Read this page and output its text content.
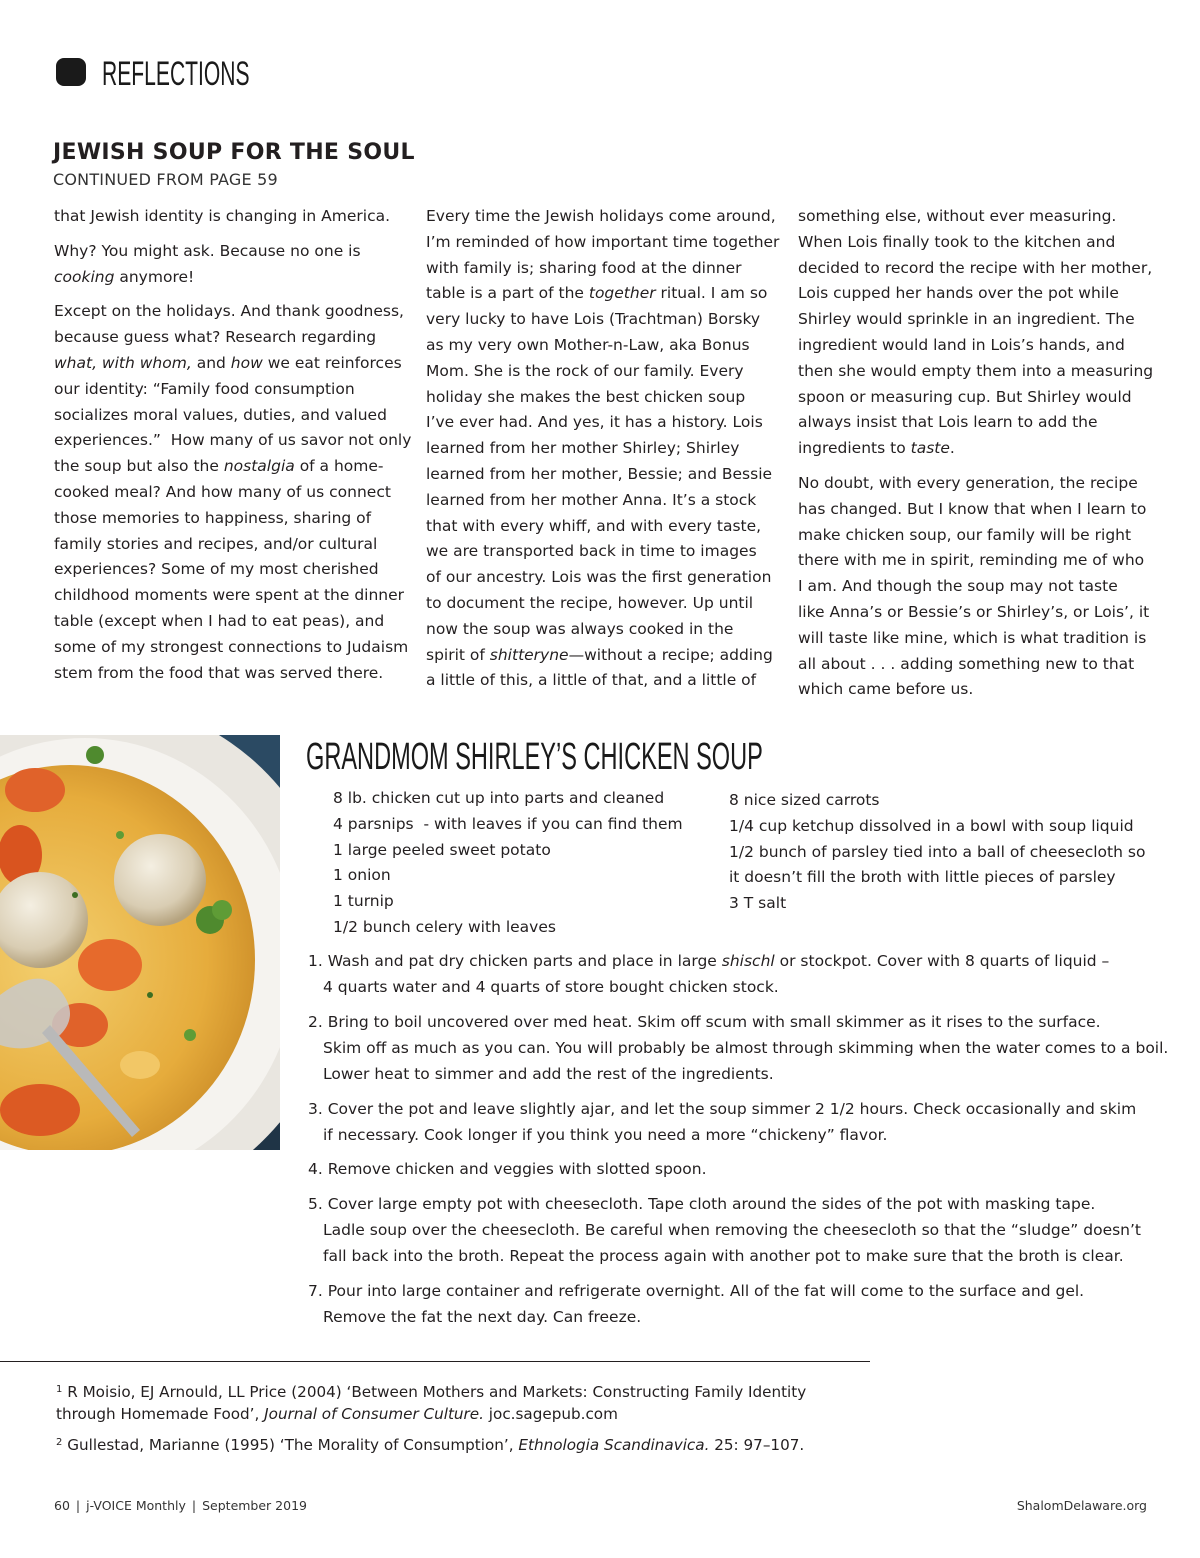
REFLECTIONS
JEWISH SOUP FOR THE SOUL
CONTINUED FROM PAGE 59

that Jewish identity is changing in America.

Why? You might ask. Because no one is
cooking anymore!

Except on the holidays. And thank goodness,
because guess what? Research regarding
what, with whom, and how we eat reinforces
our identity: “Family food consumption
socializes moral values, duties, and valued
experiences.”  How many of us savor not only
the soup but also the nostalgia of a home-
cooked meal? And how many of us connect
those memories to happiness, sharing of
family stories and recipes, and/or cultural
experiences? Some of my most cherished
childhood moments were spent at the dinner
table (except when I had to eat peas), and
some of my strongest connections to Judaism
stem from the food that was served there.

Every time the Jewish holidays come around,
I’m reminded of how important time together
with family is; sharing food at the dinner
table is a part of the together ritual. I am so
very lucky to have Lois (Trachtman) Borsky
as my very own Mother-n-Law, aka Bonus
Mom. She is the rock of our family. Every
holiday she makes the best chicken soup
I’ve ever had. And yes, it has a history. Lois
learned from her mother Shirley; Shirley
learned from her mother, Bessie; and Bessie
learned from her mother Anna. It’s a stock
that with every whiff, and with every taste,
we are transported back in time to images
of our ancestry. Lois was the first generation
to document the recipe, however. Up until
now the soup was always cooked in the
spirit of shitteryne—without a recipe; adding
a little of this, a little of that, and a little of

something else, without ever measuring.
When Lois finally took to the kitchen and
decided to record the recipe with her mother,
Lois cupped her hands over the pot while
Shirley would sprinkle in an ingredient. The
ingredient would land in Lois’s hands, and
then she would empty them into a measuring
spoon or measuring cup. But Shirley would
always insist that Lois learn to add the
ingredients to taste.

No doubt, with every generation, the recipe
has changed. But I know that when I learn to
make chicken soup, our family will be right
there with me in spirit, reminding me of who
I am. And though the soup may not taste
like Anna’s or Bessie’s or Shirley’s, or Lois’, it
will taste like mine, which is what tradition is
all about . . . adding something new to that
which came before us.

GRANDMOM SHIRLEY’S CHICKEN SOUP
8 lb. chicken cut up into parts and cleaned
4 parsnips  - with leaves if you can find them
1 large peeled sweet potato
1 onion
1 turnip
1/2 bunch celery with leaves
8 nice sized carrots
1/4 cup ketchup dissolved in a bowl with soup liquid
1/2 bunch of parsley tied into a ball of cheesecloth so
it doesn’t fill the broth with little pieces of parsley
3 T salt
1. Wash and pat dry chicken parts and place in large shischl or stockpot. Cover with 8 quarts of liquid –
4 quarts water and 4 quarts of store bought chicken stock.
2. Bring to boil uncovered over med heat. Skim off scum with small skimmer as it rises to the surface.
Skim off as much as you can. You will probably be almost through skimming when the water comes to a boil.
Lower heat to simmer and add the rest of the ingredients.
3. Cover the pot and leave slightly ajar, and let the soup simmer 2 1/2 hours. Check occasionally and skim
if necessary. Cook longer if you think you need a more “chickeny” flavor.
4. Remove chicken and veggies with slotted spoon.
5. Cover large empty pot with cheesecloth. Tape cloth around the sides of the pot with masking tape.
Ladle soup over the cheesecloth. Be careful when removing the cheesecloth so that the “sludge” doesn’t
fall back into the broth. Repeat the process again with another pot to make sure that the broth is clear.
7. Pour into large container and refrigerate overnight. All of the fat will come to the surface and gel.
Remove the fat the next day. Can freeze.
$^1$ R Moisio, EJ Arnould, LL Price (2004) ‘Between Mothers and Markets: Constructing Family Identity
through Homemade Food’, Journal of Consumer Culture. joc.sagepub.com
$^2$ Gullestad, Marianne (1995) ‘The Morality of Consumption’, Ethnologia Scandinavica. 25: 97–107.
60 | j-VOICE Monthly | September 2019	ShalomDelaware.org
